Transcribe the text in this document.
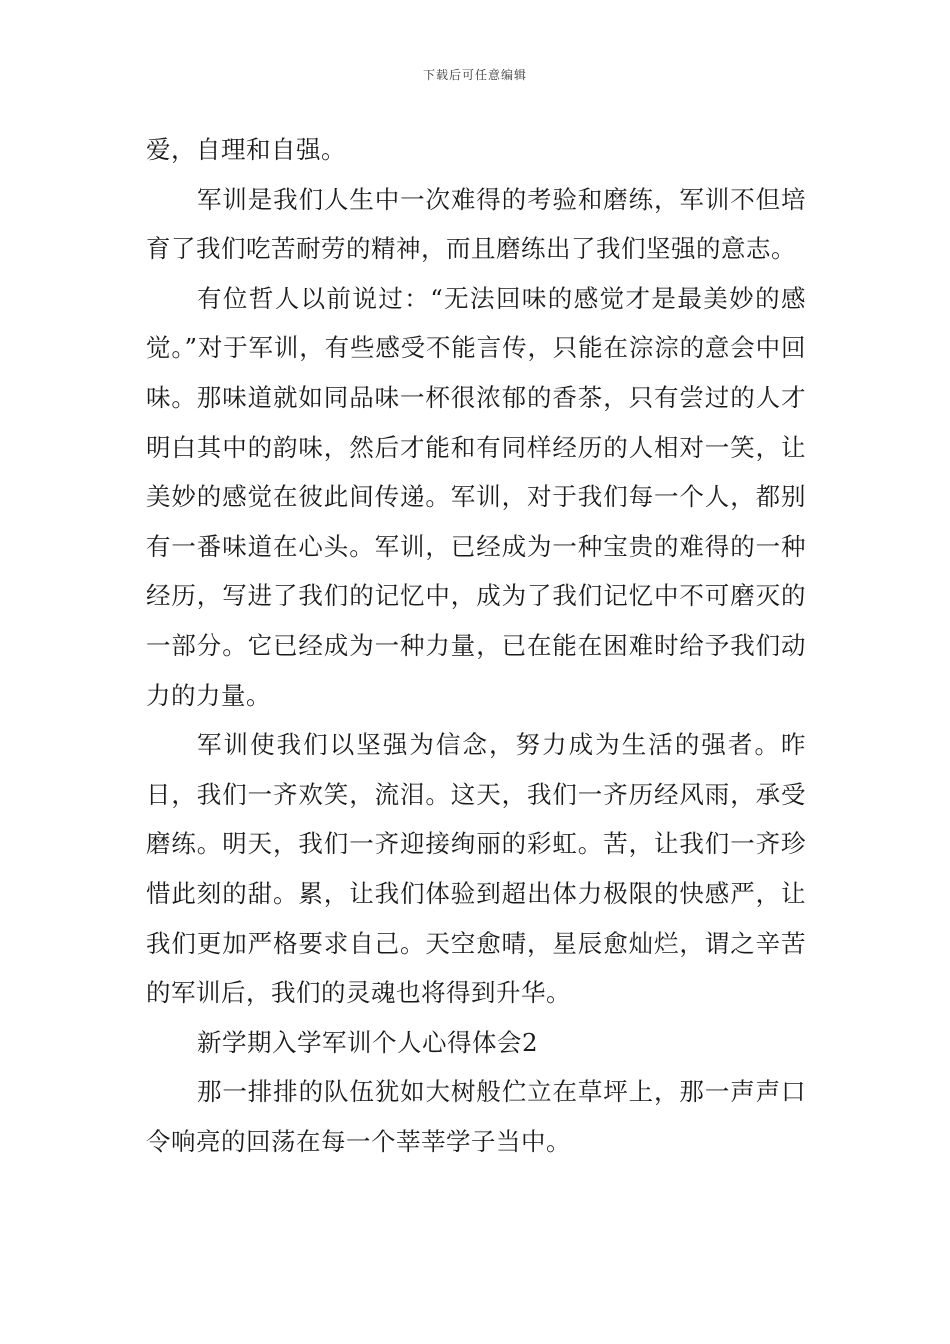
下载后可任意编辑

爱，自理和自强。

军训是我们人生中一次难得的考验和磨练，军训不但培育了我们吃苦耐劳的精神，而且磨练出了我们坚强的意志。

有位哲人以前说过：“无法回味的感觉才是最美妙的感觉。”对于军训，有些感受不能言传，只能在淙淙的意会中回味。那味道就如同品味一杯很浓郁的香茶，只有尝过的人才明白其中的韵味，然后才能和有同样经历的人相对一笑，让美妙的感觉在彼此间传递。军训，对于我们每一个人，都别有一番味道在心头。军训，已经成为一种宝贵的难得的一种经历，写进了我们的记忆中，成为了我们记忆中不可磨灭的一部分。它已经成为一种力量，已在能在困难时给予我们动力的力量。

军训使我们以坚强为信念，努力成为生活的强者。昨日，我们一齐欢笑，流泪。这天，我们一齐历经风雨，承受磨练。明天，我们一齐迎接绚丽的彩虹。苦，让我们一齐珍惜此刻的甜。累，让我们体验到超出体力极限的快感严，让我们更加严格要求自己。天空愈晴，星辰愈灿烂，谓之辛苦的军训后，我们的灵魂也将得到升华。

新学期入学军训个人心得体会2

那一排排的队伍犹如大树般伫立在草坪上，那一声声口令响亮的回荡在每一个莘莘学子当中。
